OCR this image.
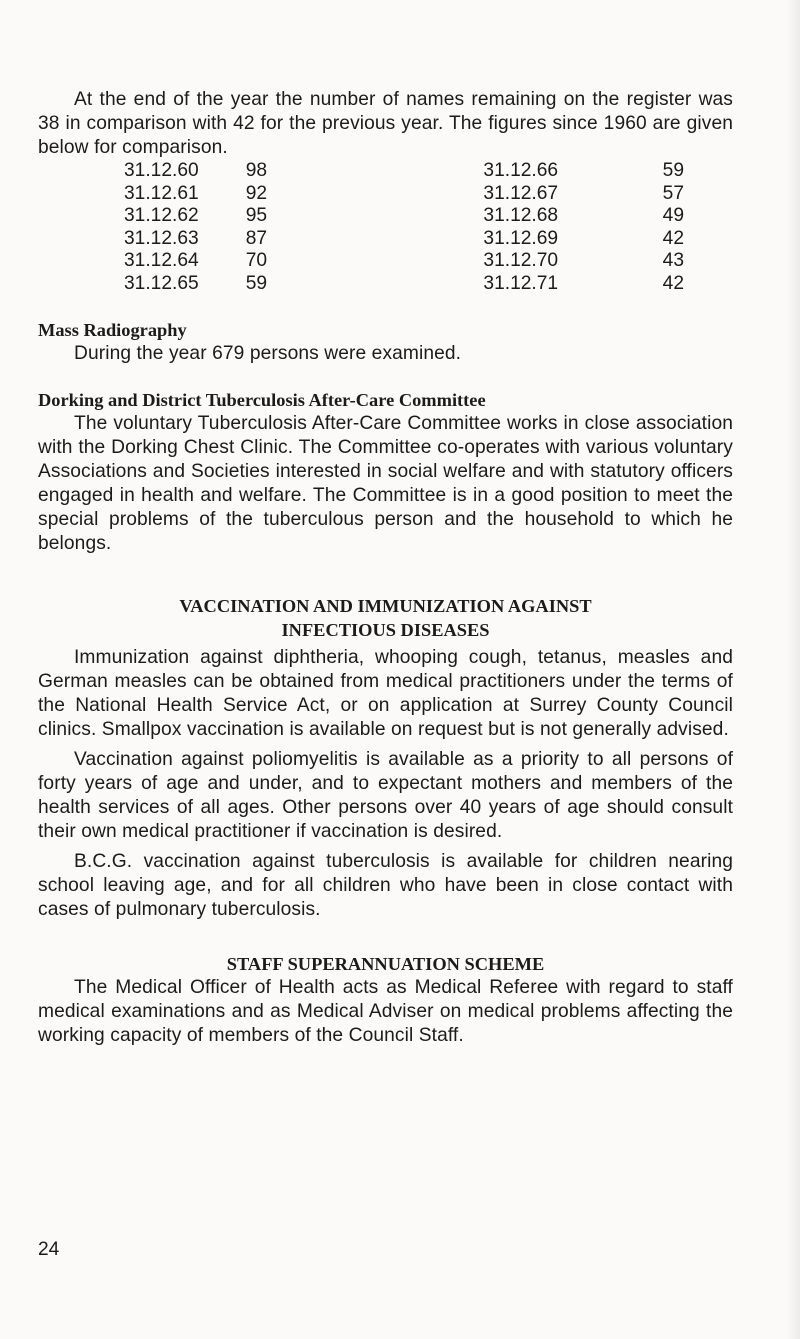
At the end of the year the number of names remaining on the register was 38 in comparison with 42 for the previous year. The figures since 1960 are given below for comparison.

31.12.60	98	31.12.66	59
31.12.61	92	31.12.67	57
31.12.62	95	31.12.68	49
31.12.63	87	31.12.69	42
31.12.64	70	31.12.70	43
31.12.65	59	31.12.71	42
Mass Radiography

During the year 679 persons were examined.

Dorking and District Tuberculosis After-Care Committee

The voluntary Tuberculosis After-Care Committee works in close association with the Dorking Chest Clinic. The Committee co-operates with various voluntary Associations and Societies interested in social welfare and with statutory officers engaged in health and welfare. The Committee is in a good position to meet the special problems of the tuberculous person and the household to which he belongs.

VACCINATION AND IMMUNIZATION AGAINST
INFECTIOUS DISEASES

Immunization against diphtheria, whooping cough, tetanus, measles and German measles can be obtained from medical practitioners under the terms of the National Health Service Act, or on application at Surrey County Council clinics. Smallpox vaccination is available on request but is not generally advised.

Vaccination against poliomyelitis is available as a priority to all persons of forty years of age and under, and to expectant mothers and members of the health services of all ages. Other persons over 40 years of age should consult their own medical practitioner if vaccination is desired.

B.C.G. vaccination against tuberculosis is available for children nearing school leaving age, and for all children who have been in close contact with cases of pulmonary tuberculosis.

STAFF SUPERANNUATION SCHEME

The Medical Officer of Health acts as Medical Referee with regard to staff medical examinations and as Medical Adviser on medical problems affecting the working capacity of members of the Council Staff.

24
